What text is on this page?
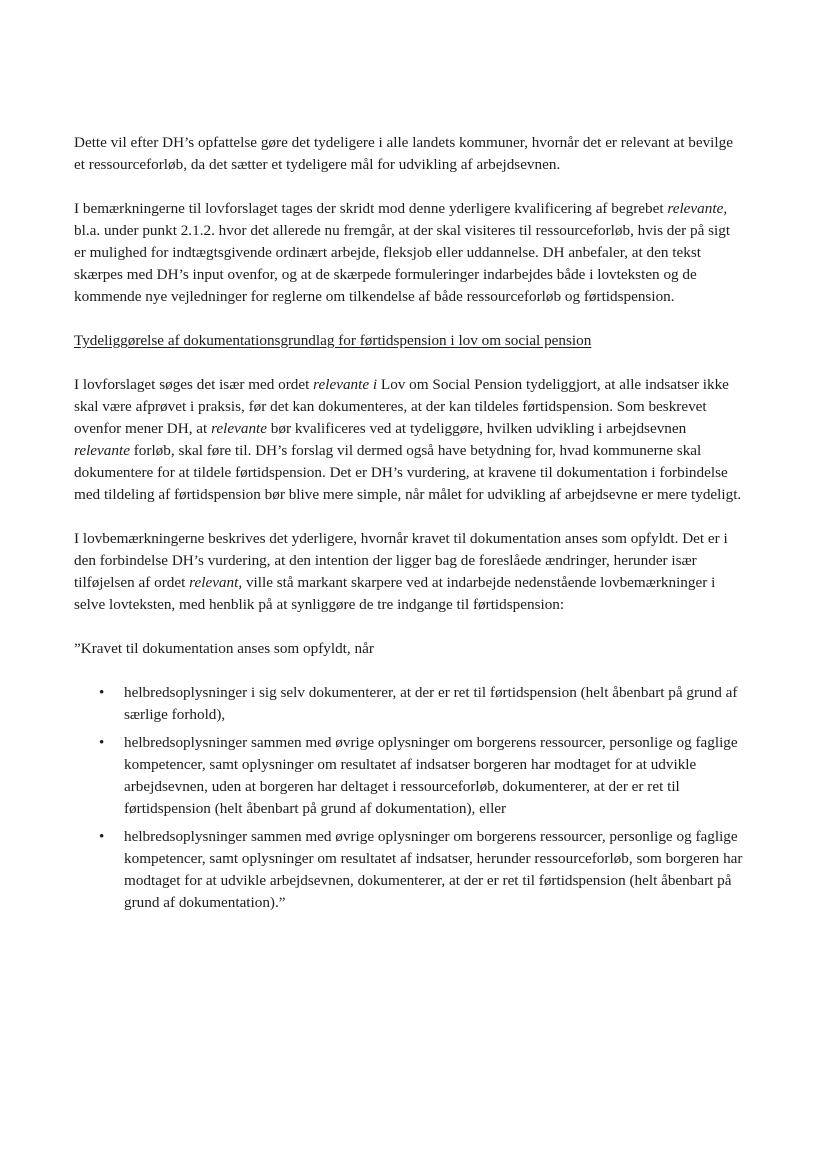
Dette vil efter DH’s opfattelse gøre det tydeligere i alle landets kommuner, hvornår det er relevant at bevilge et ressourceforløb, da det sætter et tydeligere mål for udvikling af arbejdsevnen.

I bemærkningerne til lovforslaget tages der skridt mod denne yderligere kvalificering af begrebet relevante, bl.a. under punkt 2.1.2. hvor det allerede nu fremgår, at der skal visiteres til ressourceforløb, hvis der på sigt er mulighed for indtægtsgivende ordinært arbejde, fleksjob eller uddannelse. DH anbefaler, at den tekst skærpes med DH’s input ovenfor, og at de skærpede formuleringer indarbejdes både i lovteksten og de kommende nye vejledninger for reglerne om tilkendelse af både ressourceforløb og førtidspension.

Tydeliggørelse af dokumentationsgrundlag for førtidspension i lov om social pension

I lovforslaget søges det især med ordet relevante i Lov om Social Pension tydeliggjort, at alle indsatser ikke skal være afprøvet i praksis, før det kan dokumenteres, at der kan tildeles førtidspension. Som beskrevet ovenfor mener DH, at relevante bør kvalificeres ved at tydeliggøre, hvilken udvikling i arbejdsevnen relevante forløb, skal føre til. DH’s forslag vil dermed også have betydning for, hvad kommunerne skal dokumentere for at tildele førtidspension. Det er DH’s vurdering, at kravene til dokumentation i forbindelse med tildeling af førtidspension bør blive mere simple, når målet for udvikling af arbejdsevne er mere tydeligt.

I lovbemærkningerne beskrives det yderligere, hvornår kravet til dokumentation anses som opfyldt. Det er i den forbindelse DH’s vurdering, at den intention der ligger bag de foreslåede ændringer, herunder især tilføjelsen af ordet relevant, ville stå markant skarpere ved at indarbejde nedenstående lovbemærkninger i selve lovteksten, med henblik på at synliggøre de tre indgange til førtidspension:

”Kravet til dokumentation anses som opfyldt, når

• helbredsoplysninger i sig selv dokumenterer, at der er ret til førtidspension (helt åbenbart på grund af særlige forhold),
• helbredsoplysninger sammen med øvrige oplysninger om borgerens ressourcer, personlige og faglige kompetencer, samt oplysninger om resultatet af indsatser borgeren har modtaget for at udvikle arbejdsevnen, uden at borgeren har deltaget i ressourceforløb, dokumenterer, at der er ret til førtidspension (helt åbenbart på grund af dokumentation), eller
• helbredsoplysninger sammen med øvrige oplysninger om borgerens ressourcer, personlige og faglige kompetencer, samt oplysninger om resultatet af indsatser, herunder ressourceforløb, som borgeren har modtaget for at udvikle arbejdsevnen, dokumenterer, at der er ret til førtidspension (helt åbenbart på grund af dokumentation).”
